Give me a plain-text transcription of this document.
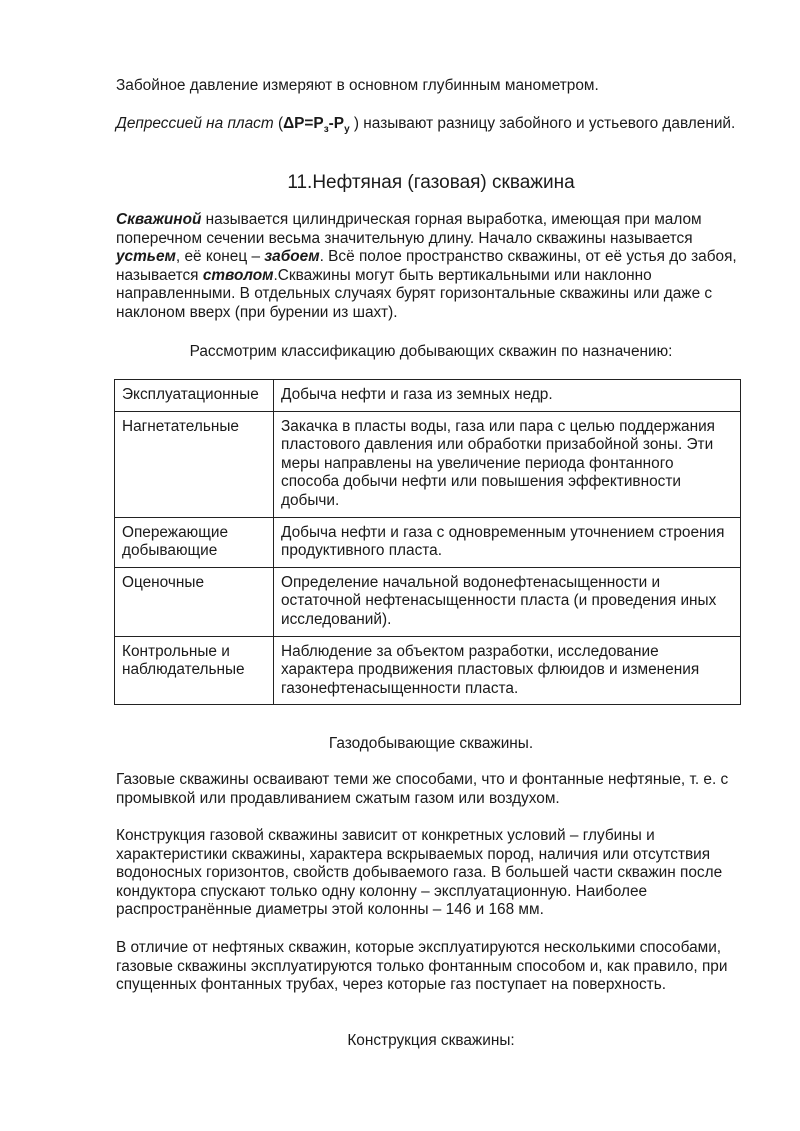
Забойное давление измеряют в основном глубинным манометром.

Депрессией на пласт ($\Delta P=P_з-P_у$ ) называют разницу забойного и устьевого давлений.

11.Нефтяная (газовая) скважина

Скважиной называется цилиндрическая горная выработка, имеющая при малом поперечном сечении весьма значительную длину. Начало скважины называется устьем, её конец – забоем. Всё полое пространство скважины, от её устья до забоя, называется стволом.Скважины могут быть вертикальными или наклонно направленными. В отдельных случаях бурят горизонтальные скважины или даже с наклоном вверх (при бурении из шахт).

Рассмотрим классификацию добывающих скважин по назначению:

Эксплуатационные	Добыча нефти и газа из земных недр.
Нагнетательные	Закачка в пласты воды, газа или пара с целью поддержания пластового давления или обработки призабойной зоны. Эти меры направлены на увеличение периода фонтанного способа добычи нефти или повышения эффективности добычи.
Опережающие добывающие	Добыча нефти и газа с одновременным уточнением строения продуктивного пласта.
Оценочные	Определение начальной водонефтенасыщенности и остаточной нефтенасыщенности пласта (и проведения иных исследований).
Контрольные и наблюдательные	Наблюдение за объектом разработки, исследование характера продвижения пластовых флюидов и изменения газонефтенасыщенности пласта.

Газодобывающие скважины.

Газовые скважины осваивают теми же способами, что и фонтанные нефтяные, т. е. с промывкой или продавливанием сжатым газом или воздухом.

Конструкция газовой скважины зависит от конкретных условий – глубины и характеристики скважины, характера вскрываемых пород, наличия или отсутствия водоносных горизонтов, свойств добываемого газа. В большей части скважин после кондуктора спускают только одну колонну – эксплуатационную. Наиболее распространённые диаметры этой колонны – 146 и 168 мм.

В отличие от нефтяных скважин, которые эксплуатируются несколькими способами, газовые скважины эксплуатируются только фонтанным способом и, как правило, при спущенных фонтанных трубах, через которые газ поступает на поверхность.

Конструкция скважины:
